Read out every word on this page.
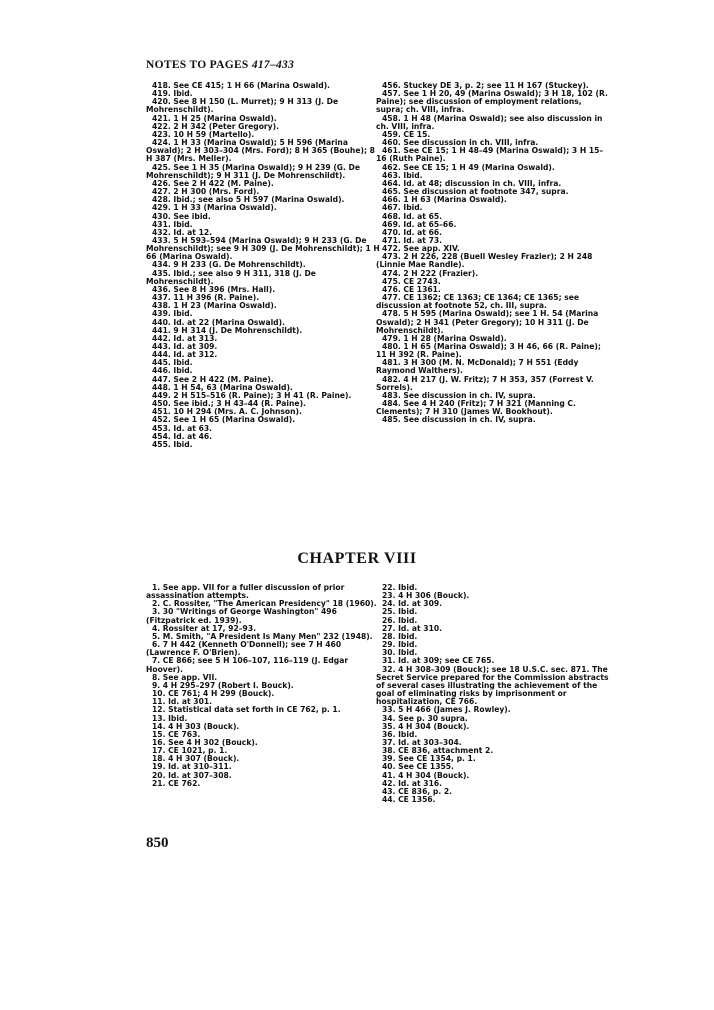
NOTES TO PAGES 417–433
418. See CE 415; 1 H 66 (Marina Oswald).
419. Ibid.
420. See 8 H 150 (L. Murret); 9 H 313 (J. De Mohrenschildt).
421. 1 H 25 (Marina Oswald).
422. 2 H 342 (Peter Gregory).
423. 10 H 59 (Martello).
424. 1 H 33 (Marina Oswald); 5 H 596 (Marina Oswald); 2 H 303–304 (Mrs. Ford); 8 H 365 (Bouhe); 8 H 387 (Mrs. Meller).
425. See 1 H 35 (Marina Oswald); 9 H 239 (G. De Mohrenschildt); 9 H 311 (J. De Mohrenschildt).
426. See 2 H 422 (M. Paine).
427. 2 H 300 (Mrs. Ford).
428. Ibid.; see also 5 H 597 (Marina Oswald).
429. 1 H 33 (Marina Oswald).
430. See ibid.
431. Ibid.
432. Id. at 12.
433. 5 H 593–594 (Marina Oswald); 9 H 233 (G. De Mohrenschildt); see 9 H 309 (J. De Mohrenschildt); 1 H 66 (Marina Oswald).
434. 9 H 233 (G. De Mohrenschildt).
435. Ibid.; see also 9 H 311, 318 (J. De Mohrenschildt).
436. See 8 H 396 (Mrs. Hall).
437. 11 H 396 (R. Paine).
438. 1 H 23 (Marina Oswald).
439. Ibid.
440. Id. at 22 (Marina Oswald).
441. 9 H 314 (J. De Mohrenschildt).
442. Id. at 313.
443. Id. at 309.
444. Id. at 312.
445. Ibid.
446. Ibid.
447. See 2 H 422 (M. Paine).
448. 1 H 54, 63 (Marina Oswald).
449. 2 H 515–516 (R. Paine); 3 H 41 (R. Paine).
450. See ibid.; 3 H 43–44 (R. Paine).
451. 10 H 294 (Mrs. A. C. Johnson).
452. See 1 H 65 (Marina Oswald).
453. Id. at 63.
454. Id. at 46.
455. Ibid.
456. Stuckey DE 3, p. 2; see 11 H 167 (Stuckey).
457. See 1 H 20, 49 (Marina Oswald); 3 H 18, 102 (R. Paine); see discussion of employment relations, supra; ch. VIII, infra.
458. 1 H 48 (Marina Oswald); see also discussion in ch. VIII, infra.
459. CE 15.
460. See discussion in ch. VIII, infra.
461. See CE 15; 1 H 48–49 (Marina Oswald); 3 H 15–16 (Ruth Paine).
462. See CE 15; 1 H 49 (Marina Oswald).
463. Ibid.
464. Id. at 48; discussion in ch. VIII, infra.
465. See discussion at footnote 347, supra.
466. 1 H 63 (Marina Oswald).
467. Ibid.
468. Id. at 65.
469. Id. at 65–66.
470. Id. at 66.
471. Id. at 73.
472. See app. XIV.
473. 2 H 226, 228 (Buell Wesley Frazier); 2 H 248 (Linnie Mae Randle).
474. 2 H 222 (Frazier).
475. CE 2743.
476. CE 1361.
477. CE 1362; CE 1363; CE 1364; CE 1365; see discussion at footnote 52, ch. III, supra.
478. 5 H 595 (Marina Oswald); see 1 H. 54 (Marina Oswald); 2 H 341 (Peter Gregory); 10 H 311 (J. De Mohrenschildt).
479. 1 H 28 (Marina Oswald).
480. 1 H 65 (Marina Oswald); 3 H 46, 66 (R. Paine); 11 H 392 (R. Paine).
481. 3 H 300 (M. N. McDonald); 7 H 551 (Eddy Raymond Walthers).
482. 4 H 217 (J. W. Fritz); 7 H 353, 357 (Forrest V. Sorrels).
483. See discussion in ch. IV, supra.
484. See 4 H 240 (Fritz); 7 H 321 (Manning C. Clements); 7 H 310 (James W. Bookhout).
485. See discussion in ch. IV, supra.
CHAPTER VIII
1. See app. VII for a fuller discussion of prior assassination attempts.
2. C. Rossiter, "The American Presidency" 18 (1960).
3. 30 "Writings of George Washington" 496 (Fitzpatrick ed. 1939).
4. Rossiter at 17, 92–93.
5. M. Smith, "A President Is Many Men" 232 (1948).
6. 7 H 442 (Kenneth O'Donnell); see 7 H 460 (Lawrence F. O'Brien).
7. CE 866; see 5 H 106–107, 116–119 (J. Edgar Hoover).
8. See app. VII.
9. 4 H 295–297 (Robert I. Bouck).
10. CE 761; 4 H 299 (Bouck).
11. Id. at 301.
12. Statistical data set forth in CE 762, p. 1.
13. Ibid.
14. 4 H 303 (Bouck).
15. CE 763.
16. See 4 H 302 (Bouck).
17. CE 1021, p. 1.
18. 4 H 307 (Bouck).
19. Id. at 310–311.
20. Id. at 307–308.
21. CE 762.
22. Ibid.
23. 4 H 306 (Bouck).
24. Id. at 309.
25. Ibid.
26. Ibid.
27. Id. at 310.
28. Ibid.
29. Ibid.
30. Ibid.
31. Id. at 309; see CE 765.
32. 4 H 308–309 (Bouck); see 18 U.S.C. sec. 871. The Secret Service prepared for the Commission abstracts of several cases illustrating the achievement of the goal of eliminating risks by imprisonment or hospitalization, CE 766.
33. 5 H 466 (James J. Rowley).
34. See p. 30 supra.
35. 4 H 304 (Bouck).
36. Ibid.
37. Id. at 303–304.
38. CE 836, attachment 2.
39. See CE 1354, p. 1.
40. See CE 1355.
41. 4 H 304 (Bouck).
42. Id. at 316.
43. CE 836, p. 2.
44. CE 1356.
850
